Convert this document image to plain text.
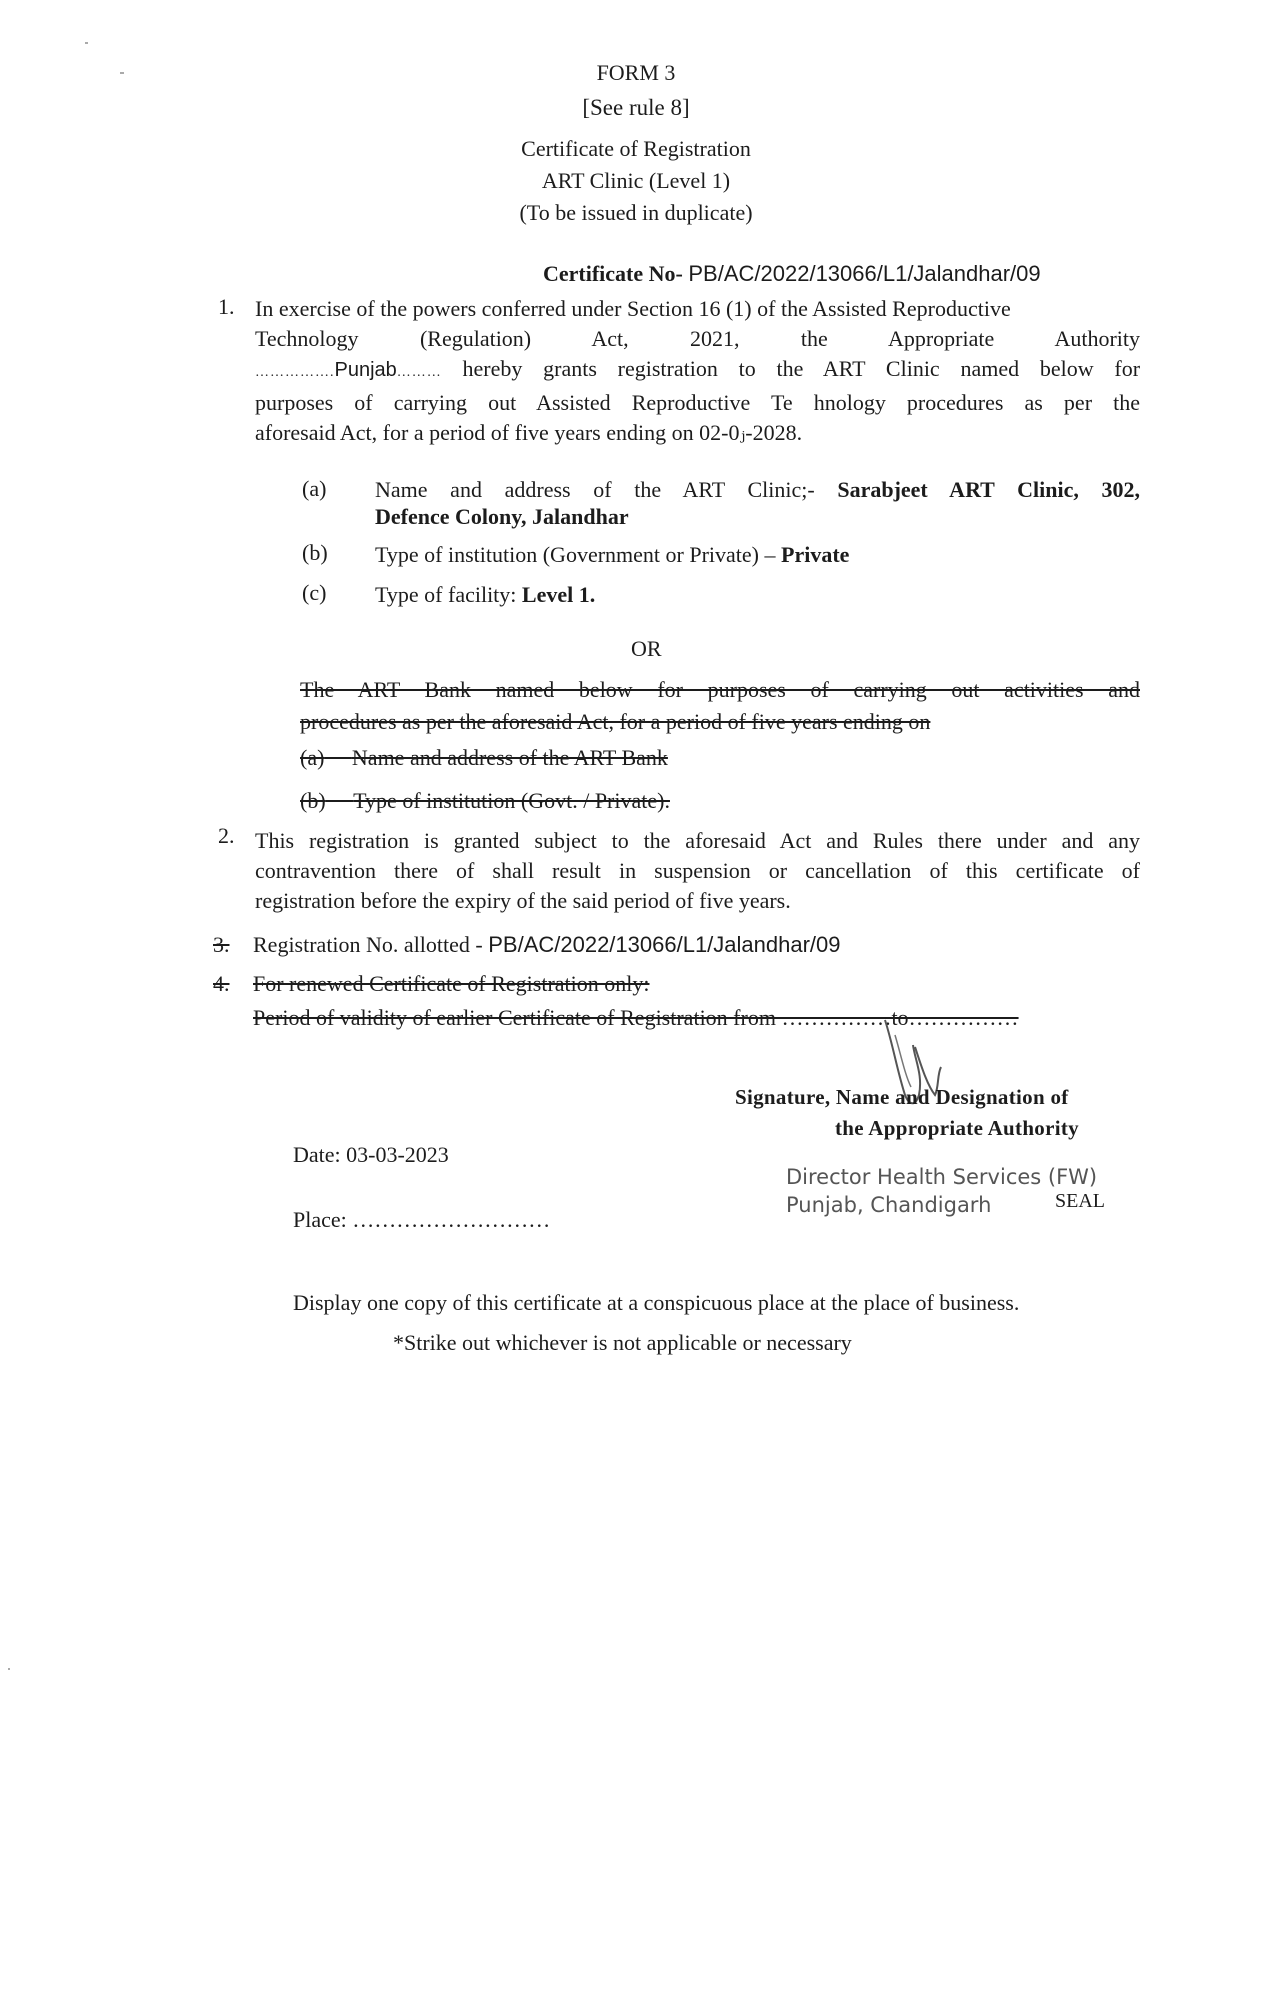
FORM 3
[See rule 8]
Certificate of Registration
ART Clinic (Level 1)
(To be issued in duplicate)
Certificate No- PB/AC/2022/13066/L1/Jalandhar/09
1. In exercise of the powers conferred under Section 16 (1) of the Assisted Reproductive
Technology	(Regulation)	Act,	2021,	the	Appropriate	Authority
…………….Punjab……… hereby grants registration to the ART Clinic named below for
purposes of carrying out Assisted Reproductive Te hnology procedures as per the
aforesaid Act, for a period of five years ending on 02-0ⱼ-2028.
(a) Name and address of the ART Clinic;- Sarabjeet ART Clinic, 302,
Defence Colony, Jalandhar
(b) Type of institution (Government or Private) – Private
(c) Type of facility: Level 1.
OR
The ART Bank named below for purposes of carrying out activities and
procedures as per the aforesaid Act, for a period of five years ending on
(a) Name and address of the ART Bank
(b) Type of institution (Govt. / Private).
2. This registration is granted subject to the aforesaid Act and Rules there under and any
contravention there of shall result in suspension or cancellation of this certificate of
registration before the expiry of the said period of five years.
3. Registration No. allotted - PB/AC/2022/13066/L1/Jalandhar/09
4. For renewed Certificate of Registration only:
Period of validity of earlier Certificate of Registration from ……………to……………
Signature, Name and Designation of
the Appropriate Authority
Date: 03-03-2023
Director Health Services (FW)
Punjab, Chandigarh	SEAL
Place: ………………………
Display one copy of this certificate at a conspicuous place at the place of business.
*Strike out whichever is not applicable or necessary
